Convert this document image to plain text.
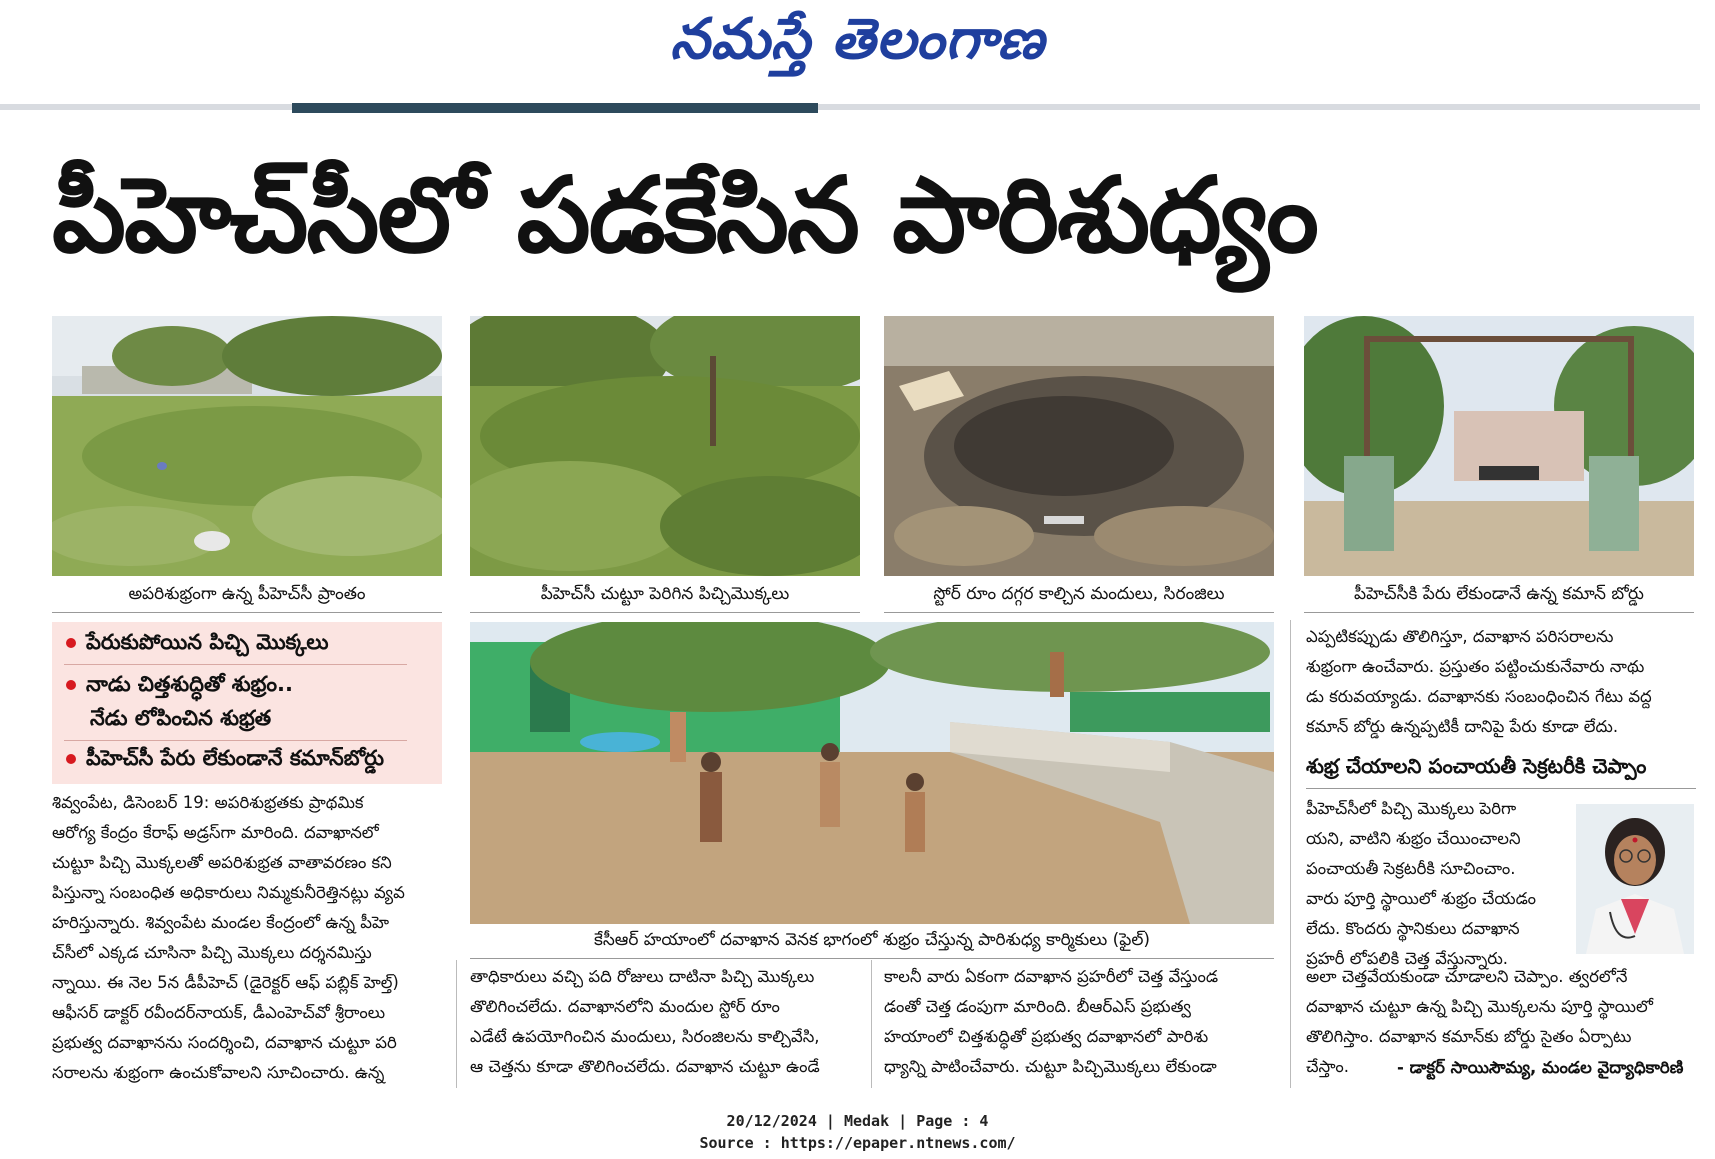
నమస్తే తెలంగాణ
పీహెచ్‌సీలో పడకేసిన పారిశుధ్యం
అపరిశుభ్రంగా ఉన్న పీహెచ్‌సీ ప్రాంతం	పీహెచ్‌సీ చుట్టూ పెరిగిన పిచ్చిమొక్కలు	స్టోర్ రూం దగ్గర కాల్చిన మందులు, సిరంజిలు	పీహెచ్‌సీకి పేరు లేకుండానే ఉన్న కమాన్ బోర్డు
పేరుకుపోయిన పిచ్చి మొక్కలు
నాడు చిత్తశుద్ధితో శుభ్రం..
నేడు లోపించిన శుభ్రత
పీహెచ్‌సీ పేరు లేకుండానే కమాన్‌బోర్డు
కేసీఆర్ హయాంలో దవాఖాన వెనక భాగంలో శుభ్రం చేస్తున్న పారిశుధ్య కార్మికులు (ఫైల్)
శివ్వంపేట, డిసెంబర్ 19: అపరిశుభ్రతకు ప్రాథమిక
ఆరోగ్య కేంద్రం కేరాఫ్ అడ్రస్‌గా మారింది. దవాఖానలో
చుట్టూ పిచ్చి మొక్కలతో అపరిశుభ్రత వాతావరణం కని
పిస్తున్నా సంబంధిత అధికారులు నిమ్మకునీరెత్తినట్లు వ్యవ
హరిస్తున్నారు. శివ్వంపేట మండల కేంద్రంలో ఉన్న పీహె
చ్‌సీలో ఎక్కడ చూసినా పిచ్చి మొక్కలు దర్శనమిస్తు
న్నాయి. ఈ నెల 5న డీపీహెచ్ (డైరెక్టర్ ఆఫ్ పబ్లిక్ హెల్త్)
ఆఫీసర్ డాక్టర్ రవీందర్‌నాయక్, డీఎంహెచ్‌వో శ్రీరాంలు
ప్రభుత్వ దవాఖానను సందర్శించి, దవాఖాన చుట్టూ పరి
సరాలను శుభ్రంగా ఉంచుకోవాలని సూచించారు. ఉన్న
తాధికారులు వచ్చి పది రోజులు దాటినా పిచ్చి మొక్కలు
తొలిగించలేదు. దవాఖానలోని మందుల స్టోర్ రూం
ఎడేటే ఉపయోగించిన మందులు, సిరంజిలను కాల్చివేసి,
ఆ చెత్తను కూడా తొలిగించలేదు. దవాఖాన చుట్టూ ఉండే
కాలనీ వారు ఏకంగా దవాఖాన ప్రహరీలో చెత్త వేస్తుండ
డంతో చెత్త డంపుగా మారింది. బీఆర్‌ఎస్ ప్రభుత్వ
హయాంలో చిత్తశుద్ధితో ప్రభుత్వ దవాఖానలో పారిశు
ధ్యాన్ని పాటించేవారు. చుట్టూ పిచ్చిమొక్కలు లేకుండా
ఎప్పటికప్పుడు తొలిగిస్తూ, దవాఖాన పరిసరాలను
శుభ్రంగా ఉంచేవారు. ప్రస్తుతం పట్టించుకునేవారు నాథు
డు కరువయ్యాడు. దవాఖానకు సంబంధించిన గేటు వద్ద
కమాన్ బోర్డు ఉన్నప్పటికీ దానిపై పేరు కూడా లేదు.
శుభ్ర చేయాలని పంచాయతీ సెక్రటరీకి చెప్పాం
పీహెచ్‌సీలో పిచ్చి మొక్కలు పెరిగా
యని, వాటిని శుభ్రం చేయించాలని
పంచాయతీ సెక్రటరీకి సూచించాం.
వారు పూర్తి స్థాయిలో శుభ్రం చేయడం
లేదు. కొందరు స్థానికులు దవాఖాన
ప్రహరీ లోపలికి చెత్త వేస్తున్నారు.
అలా చెత్తవేయకుండా చూడాలని చెప్పాం. త్వరలోనే
దవాఖాన చుట్టూ ఉన్న పిచ్చి మొక్కలను పూర్తి స్థాయిలో
తొలిగిస్తాం. దవాఖాన కమాన్‌కు బోర్డు సైతం ఏర్పాటు
చేస్తాం.	- డాక్టర్ సాయిసౌమ్య, మండల వైద్యాధికారిణి
20/12/2024 | Medak | Page : 4
Source : https://epaper.ntnews.com/
